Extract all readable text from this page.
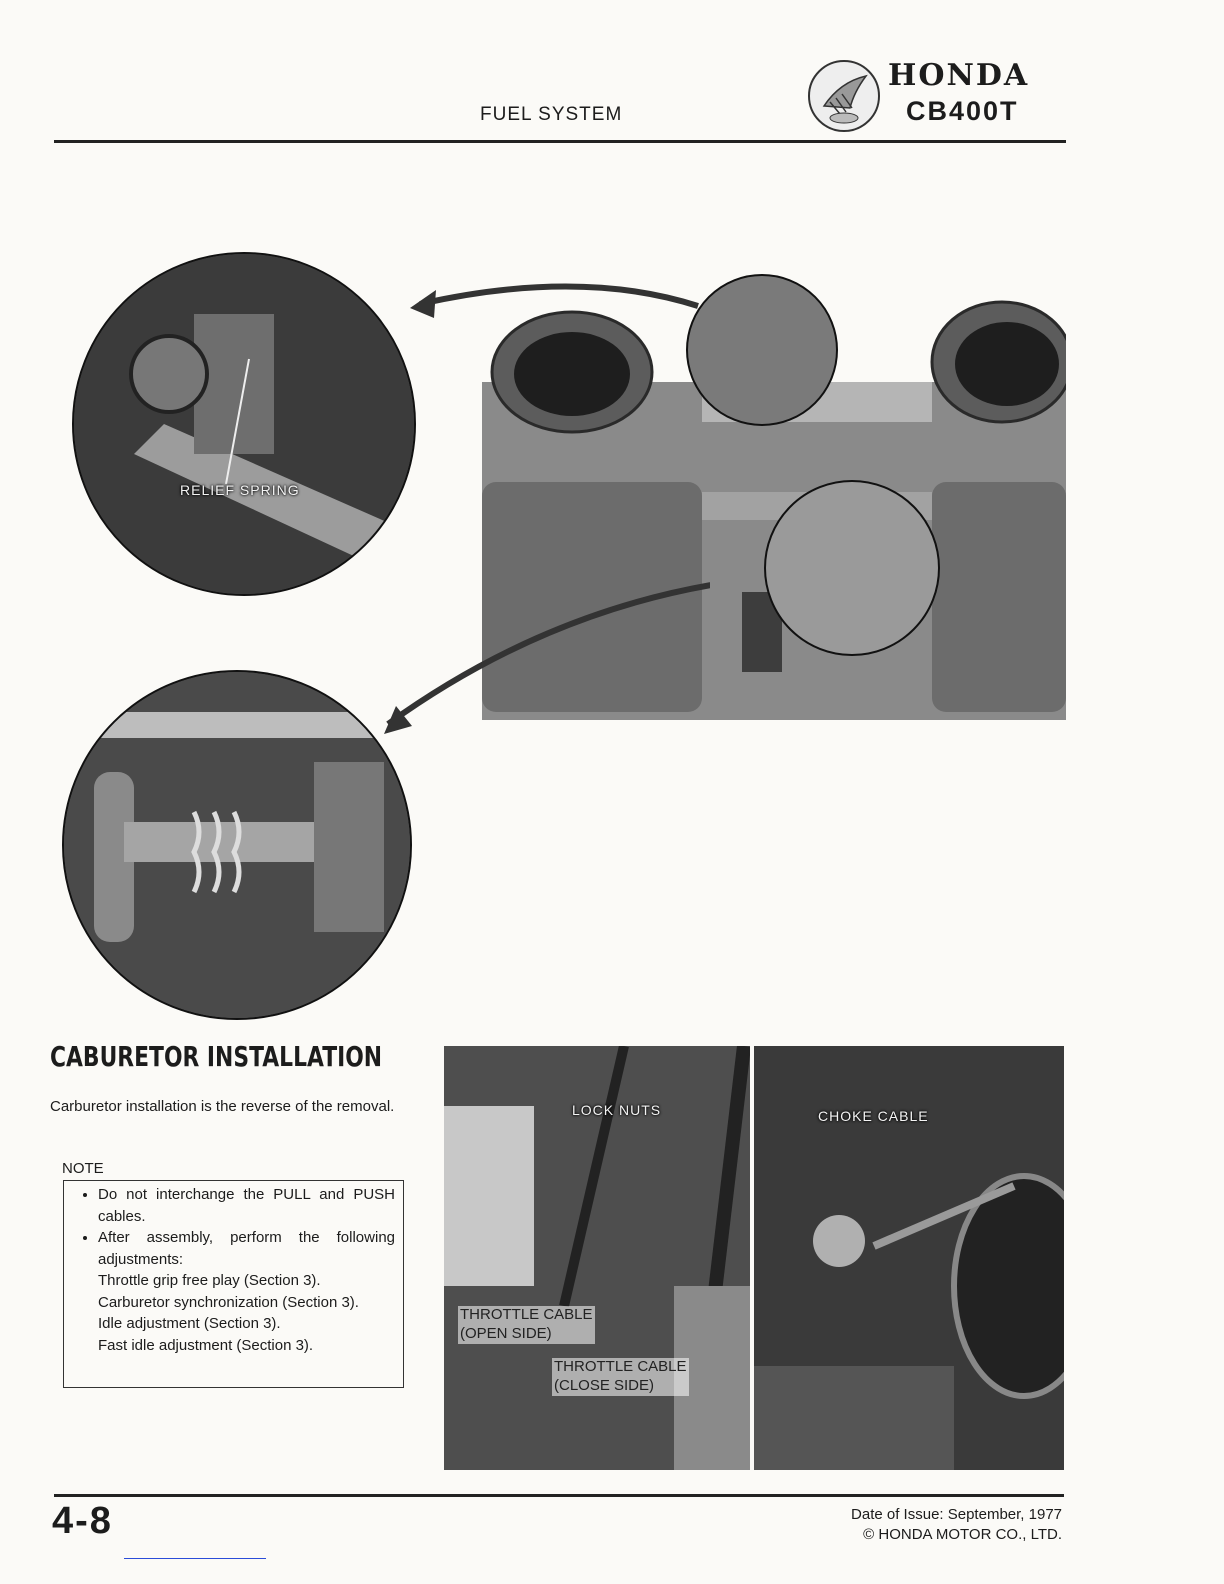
FUEL SYSTEM
HONDA
CB400T
RELIEF SPRING
CABURETOR INSTALLATION
Carburetor installation is the reverse of the removal.
NOTE
• Do not interchange the PULL and PUSH cables.
• After assembly, perform the following adjustments:
Throttle grip free play (Section 3).
Carburetor synchronization (Section 3).
Idle adjustment (Section 3).
Fast idle adjustment (Section 3).
LOCK NUTS
THROTTLE CABLE
(OPEN SIDE)
THROTTLE CABLE
(CLOSE SIDE)
CHOKE CABLE
4-8	Date of Issue: September, 1977
© HONDA MOTOR CO., LTD.
